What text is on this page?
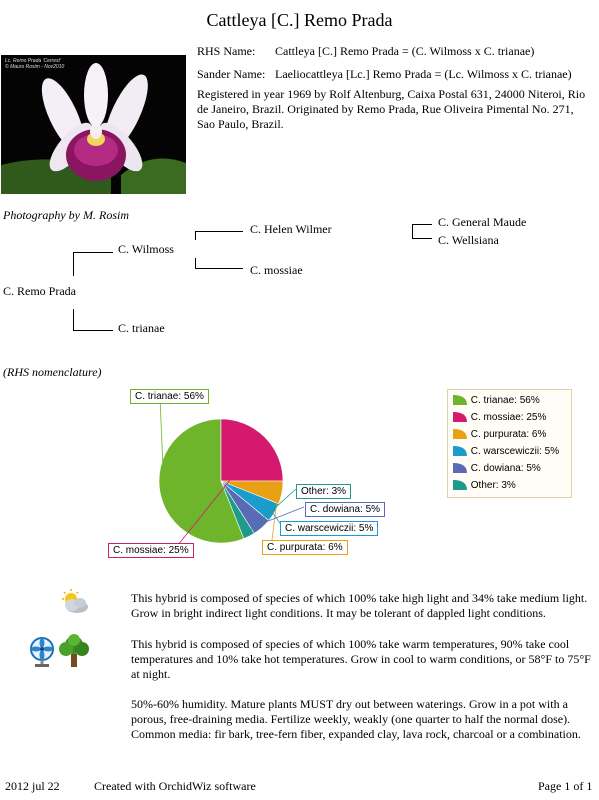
Cattleya [C.] Remo Prada
Lc. Remo Prada 'Cerrest'
© Mauro Rosim - Nov2010
RHS Name: Cattleya [C.] Remo Prada = (C. Wilmoss x C. trianae)
Sander Name: Laeliocattleya [Lc.] Remo Prada = (Lc. Wilmoss x C. trianae)
Registered in year 1969 by Rolf Altenburg, Caixa Postal 631, 24000 Niteroi, Rio de Janeiro, Brazil. Originated by Remo Prada, Rue Oliveira Pimental No. 271, Sao Paulo, Brazil.
Photography by M. Rosim
C. Remo Prada
C. Wilmoss
C. trianae
C. Helen Wilmer
C. mossiae
C. General Maude
C. Wellsiana
(RHS nomenclature)
C. trianae: 56%
C. mossiae: 25%	C. purpurata: 6%
C. warscewiczii: 5%
C. dowiana: 5%
Other: 3%
C. trianae: 56%
C. mossiae: 25%
C. purpurata: 6%
C. warscewiczii: 5%
C. dowiana: 5%
Other: 3%
This hybrid is composed of species of which 100% take high light and 34% take medium light. Grow in bright indirect light conditions. It may be tolerant of dappled light conditions.
This hybrid is composed of species of which 100% take warm temperatures, 90% take cool temperatures and 10% take hot temperatures. Grow in cool to warm conditions, or 58°F to 75°F at night.
50%-60% humidity. Mature plants MUST dry out between waterings. Grow in a pot with a porous, free-draining media. Fertilize weekly, weakly (one quarter to half the normal dose). Common media: fir bark, tree-fern fiber, expanded clay, lava rock, charcoal or a combination.
2012 jul 22	Created with OrchidWiz software	Page 1 of 1
